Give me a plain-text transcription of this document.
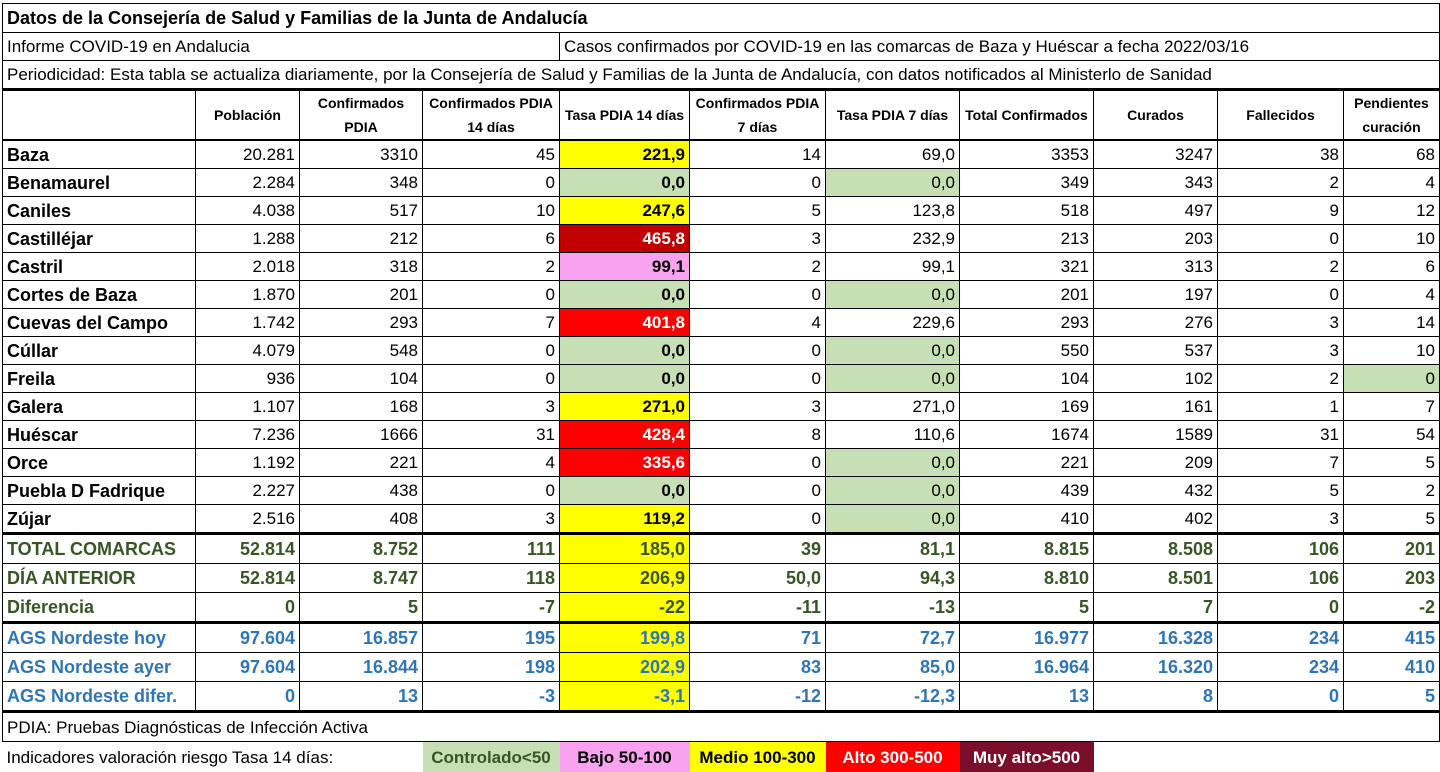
Datos de la Consejería de Salud y Familias de la Junta de Andalucía										
Informe COVID-19 en Andalucia				Casos confirmados por COVID-19 en las comarcas de Baza y Huéscar a fecha 2022/03/16						
Periodicidad: Esta tabla se actualiza diariamente, por la Consejería de Salud y Familias de la Junta de Andalucía, con datos notificados al Ministerlo de Sanidad										
	Población	Confirmados PDIA	Confirmados PDIA 14 días	Tasa PDIA 14 días	Confirmados PDIA 7 días	Tasa PDIA 7 días	Total Confirmados	Curados	Fallecidos	Pendientes curación
Baza	20.281	3310	45	221,9	14	69,0	3353	3247	38	68
Benamaurel	2.284	348	0	0,0	0	0,0	349	343	2	4
Caniles	4.038	517	10	247,6	5	123,8	518	497	9	12
Castilléjar	1.288	212	6	465,8	3	232,9	213	203	0	10
Castril	2.018	318	2	99,1	2	99,1	321	313	2	6
Cortes de Baza	1.870	201	0	0,0	0	0,0	201	197	0	4
Cuevas del Campo	1.742	293	7	401,8	4	229,6	293	276	3	14
Cúllar	4.079	548	0	0,0	0	0,0	550	537	3	10
Freila	936	104	0	0,0	0	0,0	104	102	2	0
Galera	1.107	168	3	271,0	3	271,0	169	161	1	7
Huéscar	7.236	1666	31	428,4	8	110,6	1674	1589	31	54
Orce	1.192	221	4	335,6	0	0,0	221	209	7	5
Puebla D Fadrique	2.227	438	0	0,0	0	0,0	439	432	5	2
Zújar	2.516	408	3	119,2	0	0,0	410	402	3	5
TOTAL COMARCAS	52.814	8.752	111	185,0	39	81,1	8.815	8.508	106	201
DÍA ANTERIOR	52.814	8.747	118	206,9	50,0	94,3	8.810	8.501	106	203
Diferencia	0	5	-7	-22	-11	-13	5	7	0	-2
AGS Nordeste hoy	97.604	16.857	195	199,8	71	72,7	16.977	16.328	234	415
AGS Nordeste ayer	97.604	16.844	198	202,9	83	85,0	16.964	16.320	234	410
AGS Nordeste difer.	0	13	-3	-3,1	-12	-12,3	13	8	0	5
PDIA: Pruebas Diagnósticas de Infección Activa										
Indicadores valoración riesgo Tasa 14 días:			Controlado<50	Bajo 50-100	Medio 100-300	Alto 300-500	Muy alto>500			
